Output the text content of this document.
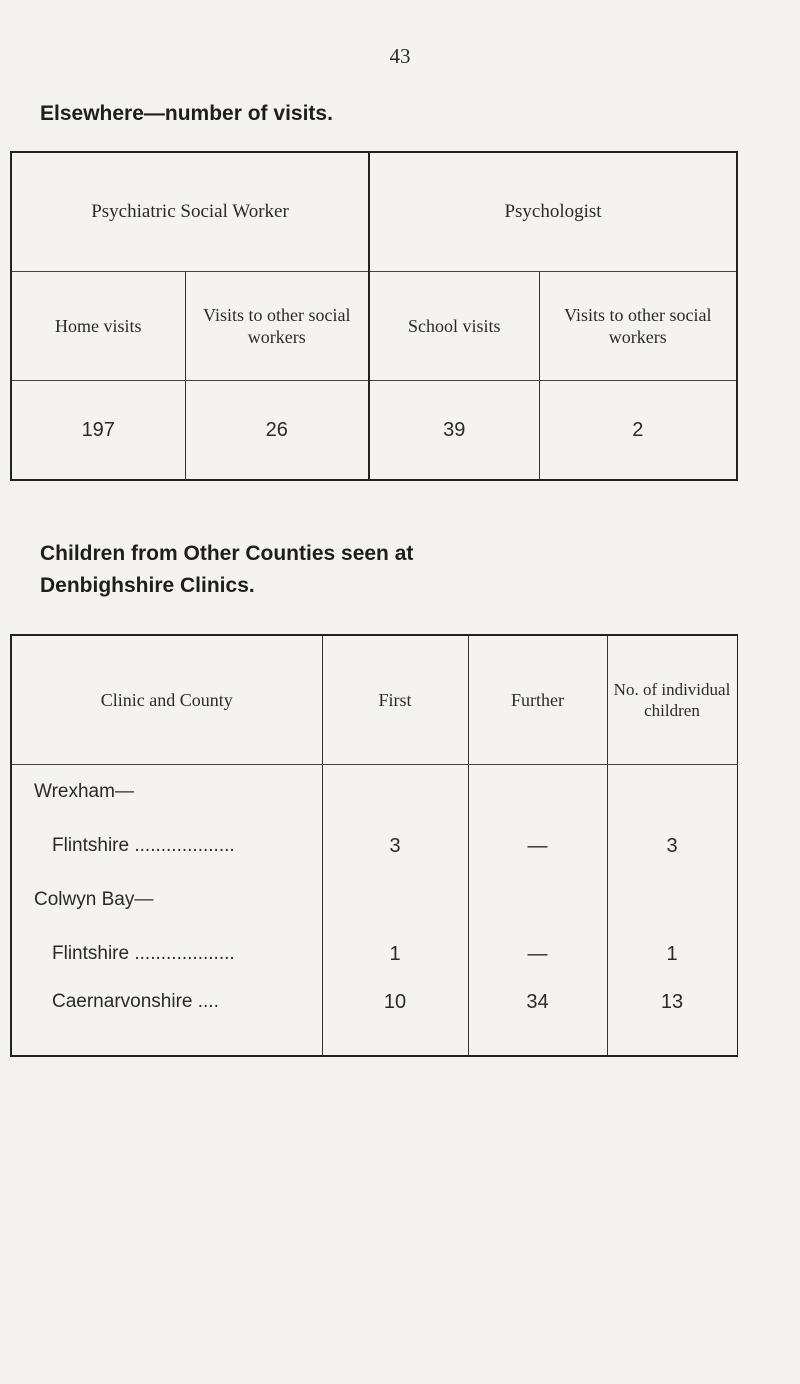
43
Elsewhere—number of visits.
Psychiatric Social Worker		Psychologist	
Home visits	Visits to other social workers	School visits	Visits to other social workers
197	26	39	2
Children from Other Counties seen at
Denbighshire Clinics.
Clinic and County	First	Further	No. of individual children
Wrexham—			
Flintshire ...................	3	—	3
Colwyn Bay—			
Flintshire ...................	1	—	1
Caernarvonshire ....	10	34	13
